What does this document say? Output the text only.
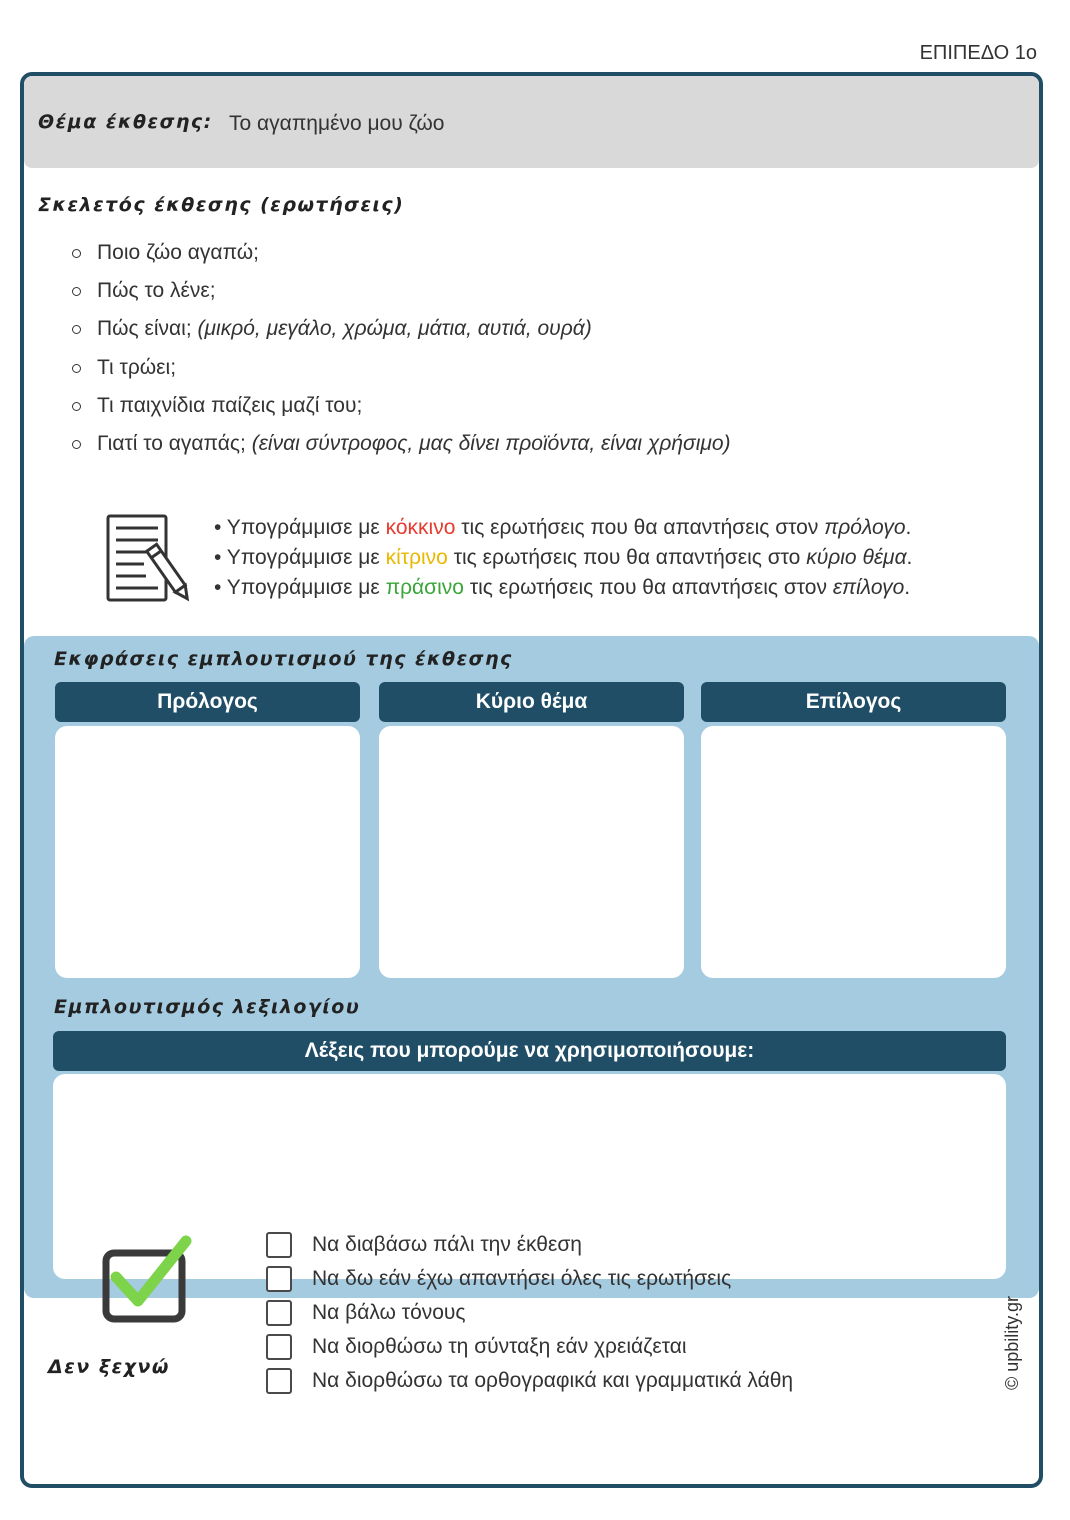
ΕΠΙΠΕΔΟ 1ο
Θέμα έκθεσης: Το αγαπημένο μου ζώο
Σκελετός έκθεσης (ερωτήσεις)
Ποιο ζώο αγαπώ;
Πώς το λένε;
Πώς είναι; (μικρό, μεγάλο, χρώμα, μάτια, αυτιά, ουρά)
Τι τρώει;
Τι παιχνίδια παίζεις μαζί του;
Γιατί το αγαπάς; (είναι σύντροφος, μας δίνει προϊόντα, είναι χρήσιμο)
• Υπογράμμισε με κόκκινο τις ερωτήσεις που θα απαντήσεις στον πρόλογο.
• Υπογράμμισε με κίτρινο τις ερωτήσεις που θα απαντήσεις στο κύριο θέμα.
• Υπογράμμισε με πράσινο τις ερωτήσεις που θα απαντήσεις στον επίλογο.
Εκφράσεις εμπλουτισμού της έκθεσης
Πρόλογος	Κύριο θέμα	Επίλογος
Εμπλουτισμός λεξιλογίου
Λέξεις που μπορούμε να χρησιμοποιήσουμε:
Δεν ξεχνώ
Να διαβάσω πάλι την έκθεση
Να δω εάν έχω απαντήσει όλες τις ερωτήσεις
Να βάλω τόνους
Να διορθώσω τη σύνταξη εάν χρειάζεται
Να διορθώσω τα ορθογραφικά και γραμματικά λάθη	© upbility.gr
